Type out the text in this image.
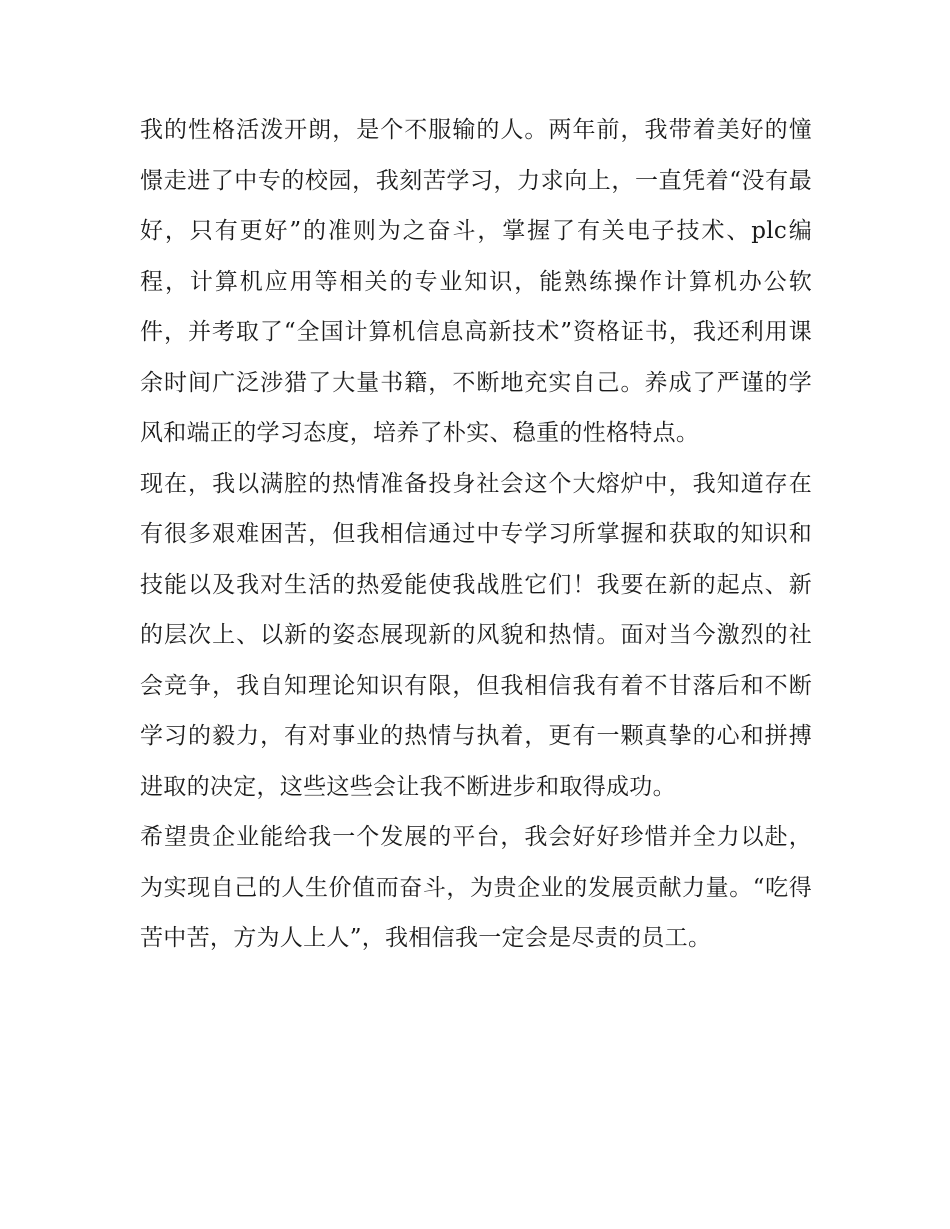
我的性格活泼开朗，是个不服输的人。两年前，我带着美好的憧憬走进了中专的校园，我刻苦学习，力求向上，一直凭着“没有最好，只有更好”的准则为之奋斗，掌握了有关电子技术、plc编程，计算机应用等相关的专业知识，能熟练操作计算机办公软件，并考取了“全国计算机信息高新技术”资格证书，我还利用课余时间广泛涉猎了大量书籍，不断地充实自己。养成了严谨的学风和端正的学习态度，培养了朴实、稳重的性格特点。

现在，我以满腔的热情准备投身社会这个大熔炉中，我知道存在有很多艰难困苦，但我相信通过中专学习所掌握和获取的知识和技能以及我对生活的热爱能使我战胜它们！我要在新的起点、新的层次上、以新的姿态展现新的风貌和热情。面对当今激烈的社会竞争，我自知理论知识有限，但我相信我有着不甘落后和不断学习的毅力，有对事业的热情与执着，更有一颗真挚的心和拼搏进取的决定，这些这些会让我不断进步和取得成功。

希望贵企业能给我一个发展的平台，我会好好珍惜并全力以赴，为实现自己的人生价值而奋斗，为贵企业的发展贡献力量。“吃得苦中苦，方为人上人”，我相信我一定会是尽责的员工。
